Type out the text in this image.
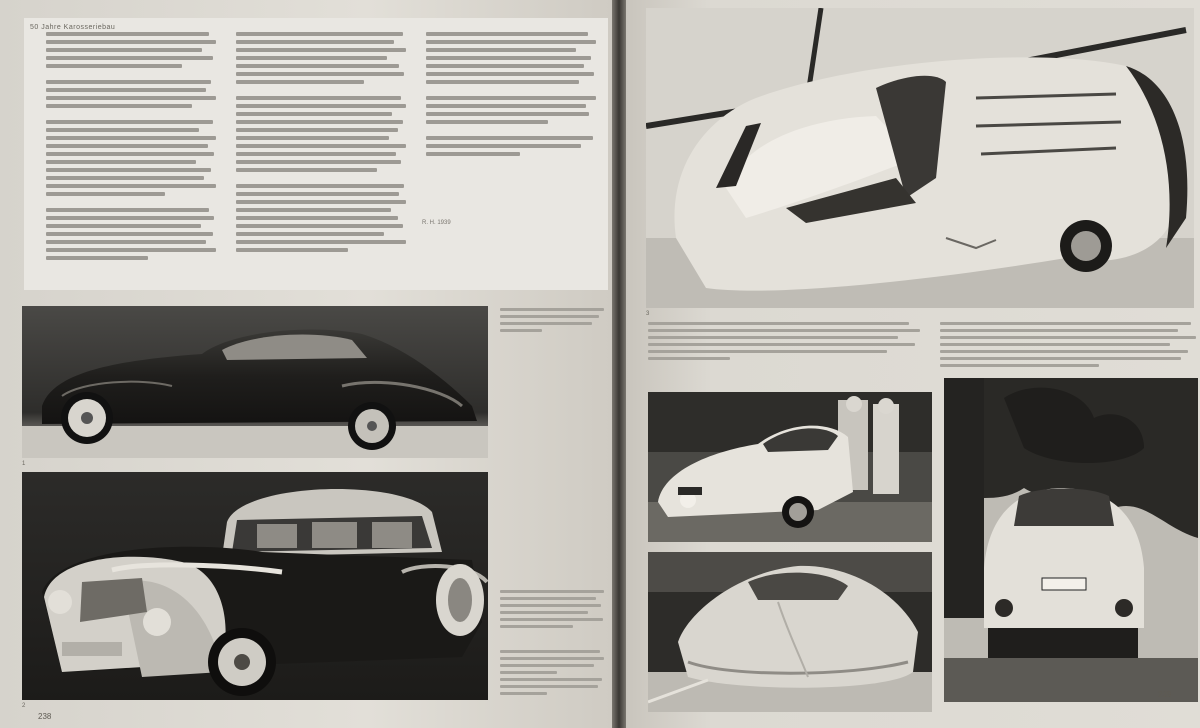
50 Jahre Karosseriebau
R. H. 1939
1
2
238
3
239
